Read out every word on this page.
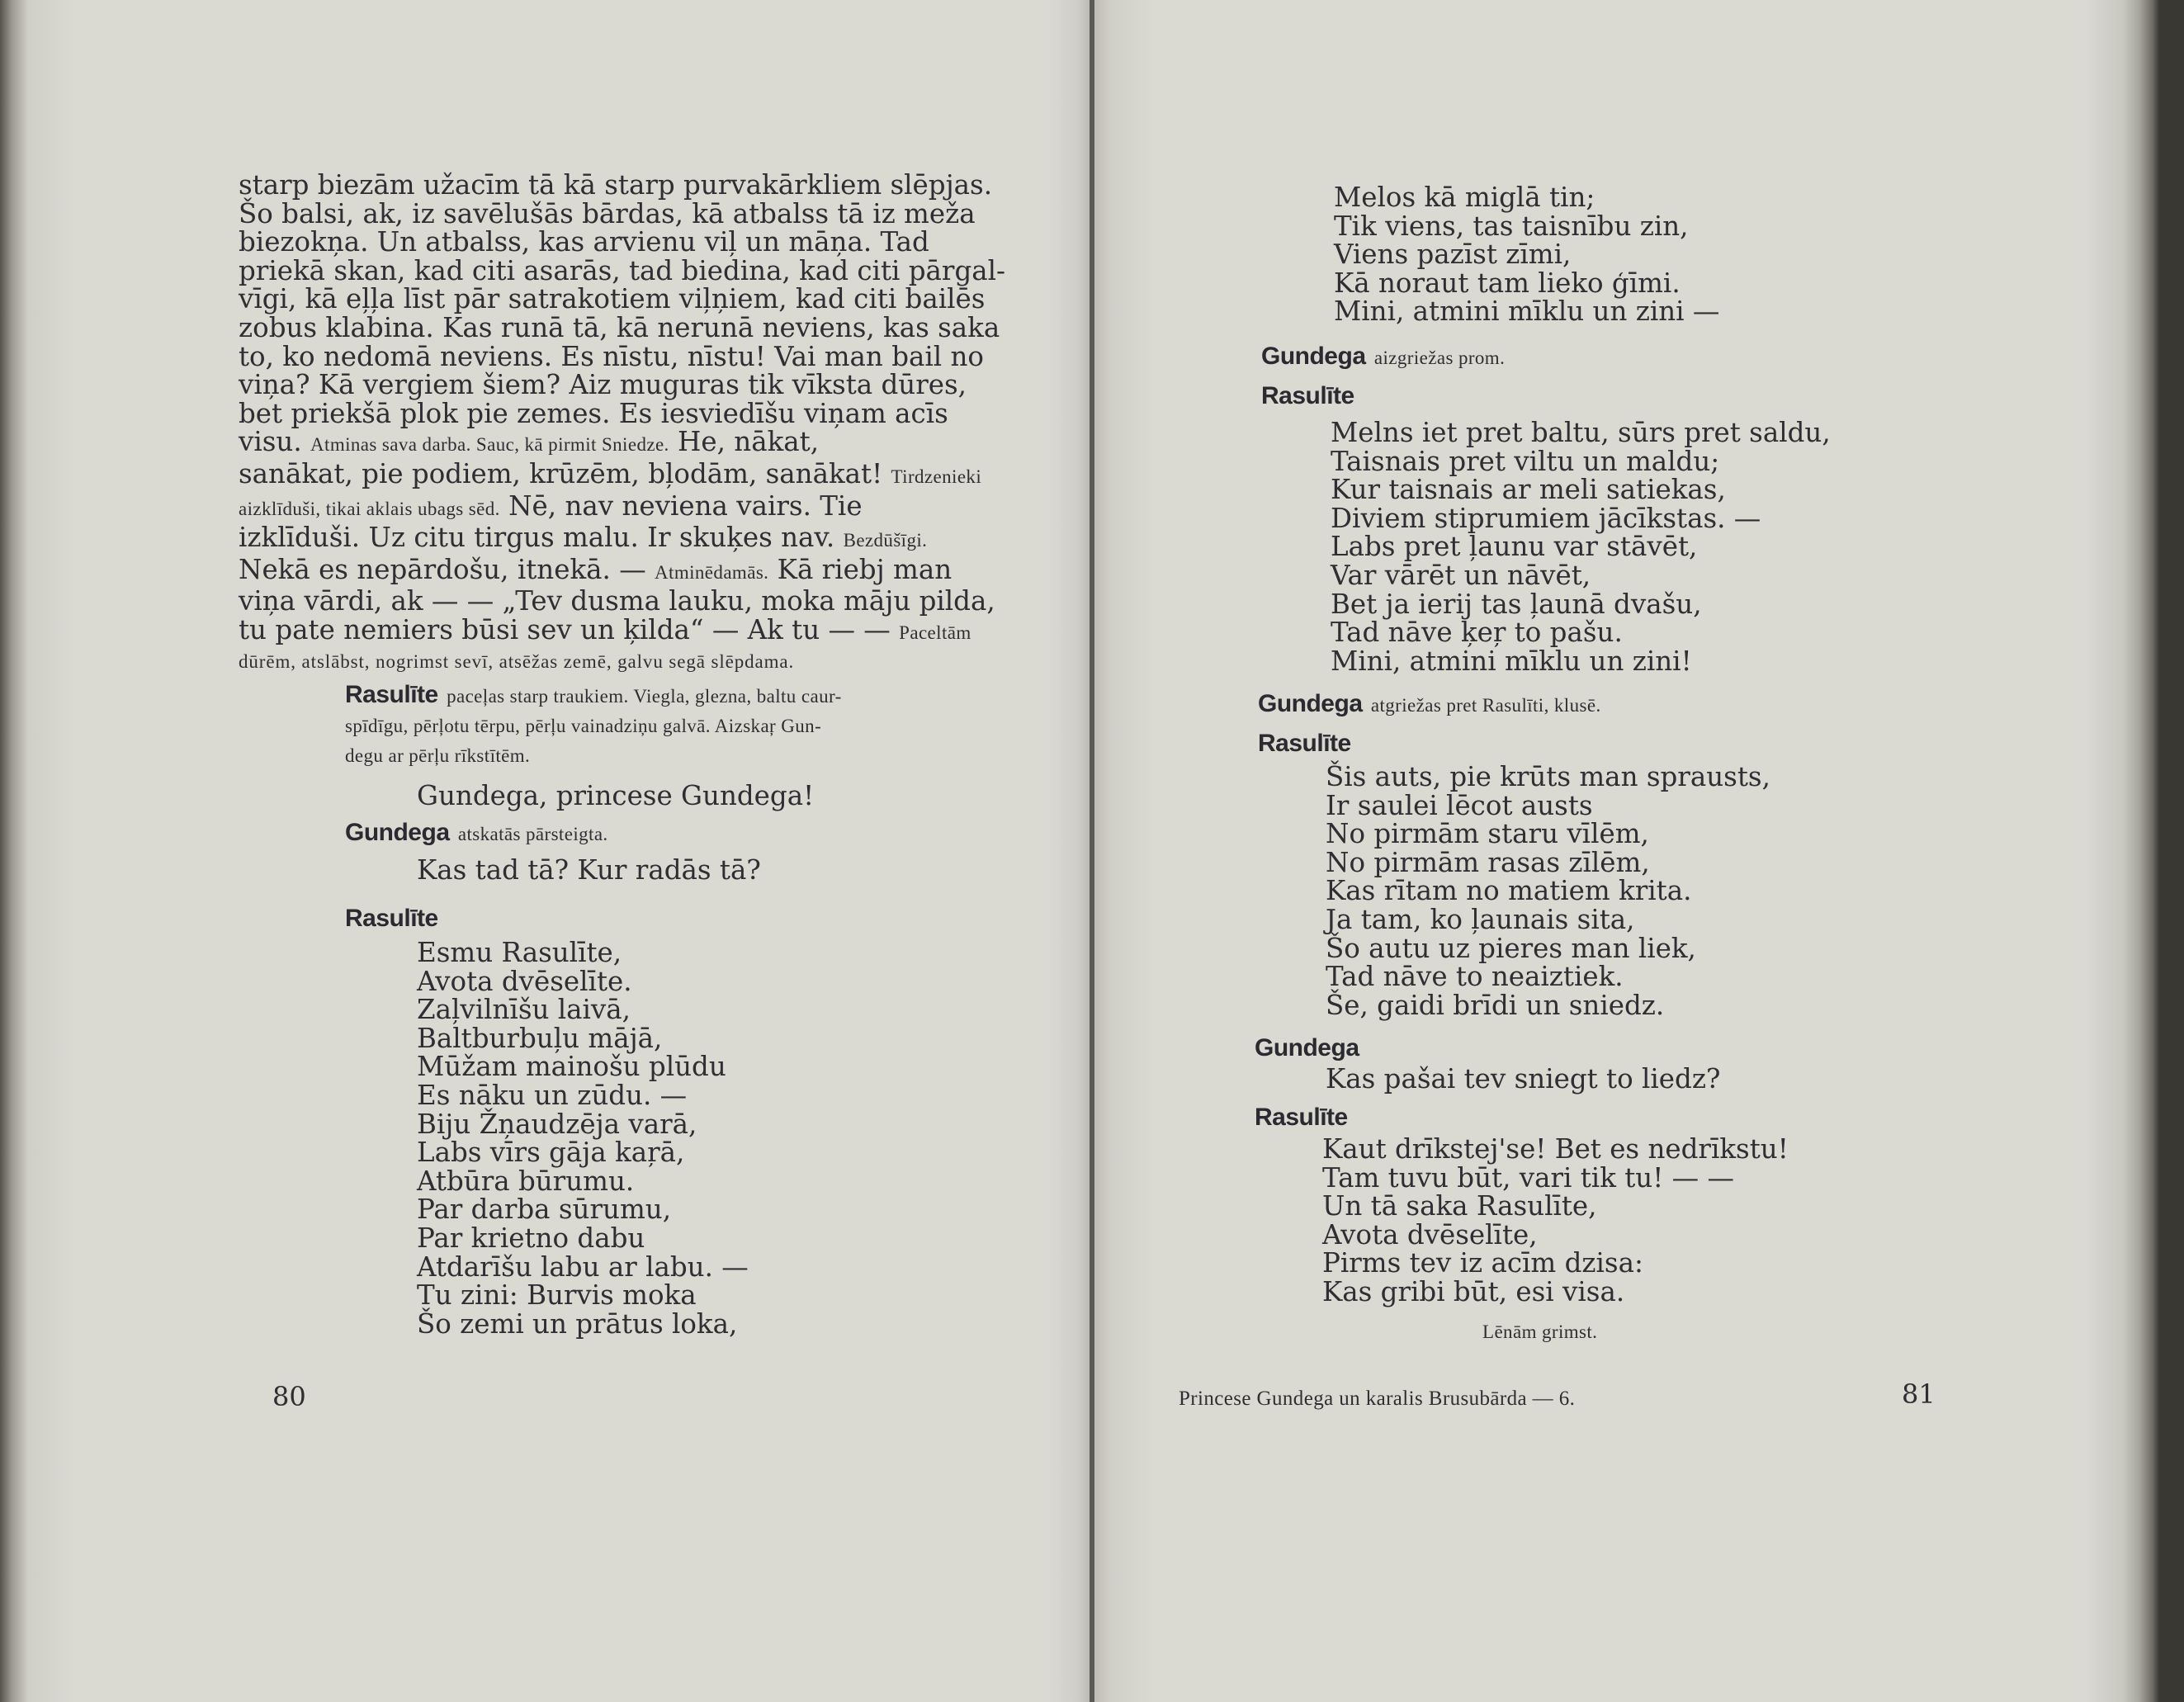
starp biezām užacīm tā kā starp purvakārkliem slēpjas.

Šo balsi, ak, iz savēlušās bārdas, kā atbalss tā iz meža

biezokņa. Un atbalss, kas arvienu viļ un māņa. Tad

priekā skan, kad citi asarās, tad biedina, kad citi pārgal-

vīgi, kā eļļa līst pār satrakotiem viļņiem, kad citi bailēs

zobus klabina. Kas runā tā, kā nerunā neviens, kas saka

to, ko nedomā neviens. Es nīstu, nīstu! Vai man bail no

viņa? Kā vergiem šiem? Aiz muguras tik vīksta dūres,

bet priekšā plok pie zemes. Es iesviedīšu viņam acīs

visu. Atminas sava darba. Sauc, kā pirmit Sniedze. He, nākat,

sanākat, pie podiem, krūzēm, bļodām, sanākat! Tirdzenieki

aizklīduši, tikai aklais ubags sēd. Nē, nav neviena vairs. Tie

izklīduši. Uz citu tirgus malu. Ir skuķes nav. Bezdūšīgi.

Nekā es nepārdošu, itnekā. — Atminēdamās. Kā riebj man

viņa vārdi, ak — — „Tev dusma lauku, moka māju pilda,

tu pate nemiers būsi sev un ķilda“ — Ak tu — — Paceltām

dūrēm, atslābst, nogrimst sevī, atsēžas zemē, galvu segā slēpdama.

Rasulīte paceļas starp traukiem. Viegla, glezna, baltu caur-
spīdīgu, pērļotu tērpu, pērļu vainadziņu galvā. Aizskaŗ Gun-
degu ar pērļu rīkstītēm.
Gundega, princese Gundega!
Gundega atskatās pārsteigta.
Kas tad tā? Kur radās tā?
Rasulīte
Esmu Rasulīte,
Avota dvēselīte.
Zaļvilnīšu laivā,
Baltburbuļu mājā,
Mūžam mainošu plūdu
Es nāku un zūdu. —
Biju Žņaudzēja varā,
Labs vīrs gāja kaŗā,
Atbūra būrumu.
Par darba sūrumu,
Par krietno dabu
Atdarīšu labu ar labu. —
Tu zini: Burvis moka
Šo zemi un prātus loka,
80
Melos kā miglā tin;
Tik viens, tas taisnību zin,
Viens pazīst zīmi,
Kā noraut tam lieko ģīmi.
Mini, atmini mīklu un zini —
Gundega aizgriežas prom.
Rasulīte
Melns iet pret baltu, sūrs pret saldu,
Taisnais pret viltu un maldu;
Kur taisnais ar meli satiekas,
Diviem stiprumiem jācīkstas. —
Labs pret ļaunu var stāvēt,
Var vārēt un nāvēt,
Bet ja ierij tas ļaunā dvašu,
Tad nāve ķeŗ to pašu.
Mini, atmini mīklu un zini!
Gundega atgriežas pret Rasulīti, klusē.
Rasulīte
Šis auts, pie krūts man sprausts,
Ir saulei lēcot austs
No pirmām staru vīlēm,
No pirmām rasas zīlēm,
Kas rītam no matiem krita.
Ja tam, ko ļaunais sita,
Šo autu uz pieres man liek,
Tad nāve to neaiztiek.
Še, gaidi brīdi un sniedz.
Gundega
Kas pašai tev sniegt to liedz?
Rasulīte
Kaut drīkstej'se! Bet es nedrīkstu!
Tam tuvu būt, vari tik tu! — —
Un tā saka Rasulīte,
Avota dvēselīte,
Pirms tev iz acīm dzisa:
Kas gribi būt, esi visa.
Lēnām grimst.
Princese Gundega un karalis Brusubārda — 6.	81
